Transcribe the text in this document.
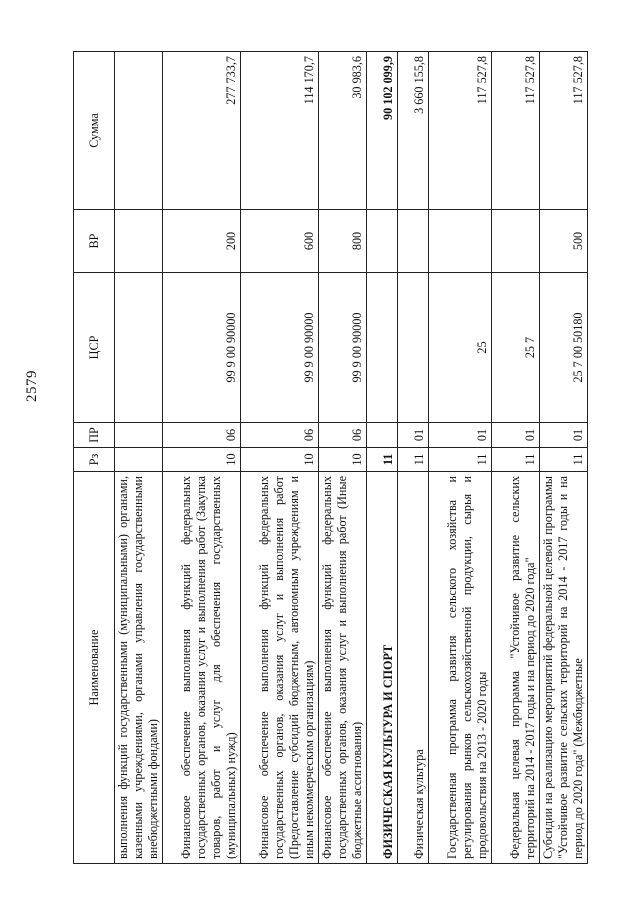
2579
Наименование	Рз	ПР	ЦСР	ВР	Сумма
выполнения функций государственными (муниципальными) органами, казенными учреждениями, органами управления государственными внебюджетными фондами)					
Финансовое обеспечение выполнения функций федеральных государственных органов, оказания услуг и выполнения работ (Закупка товаров, работ и услуг для обеспечения государственных (муниципальных) нужд)	10	06	99 9 00 90000	200	277 733,7
Финансовое обеспечение выполнения функций федеральных государственных органов, оказания услуг и выполнения работ (Предоставление субсидий бюджетным, автономным учреждениям и иным некоммерческим организациям)	10	06	99 9 00 90000	600	114 170,7
Финансовое обеспечение выполнения функций федеральных государственных органов, оказания услуг и выполнения работ (Иные бюджетные ассигнования)	10	06	99 9 00 90000	800	30 983,6
ФИЗИЧЕСКАЯ КУЛЬТУРА И СПОРТ	11				90 102 099,9
Физическая культура	11	01			3 660 155,8
Государственная программа развития сельского хозяйства и регулирования рынков сельскохозяйственной продукции, сырья и продовольствия на 2013 - 2020 годы	11	01	25		117 527,8
Федеральная целевая программа "Устойчивое развитие сельских территорий на 2014 - 2017 годы и на период до 2020 года"	11	01	25 7		117 527,8
Субсидии на реализацию мероприятий федеральной целевой программы "Устойчивое развитие сельских территорий на 2014 - 2017 годы и на период до 2020 года" (Межбюджетные	11	01	25 7 00 50180	500	117 527,8
